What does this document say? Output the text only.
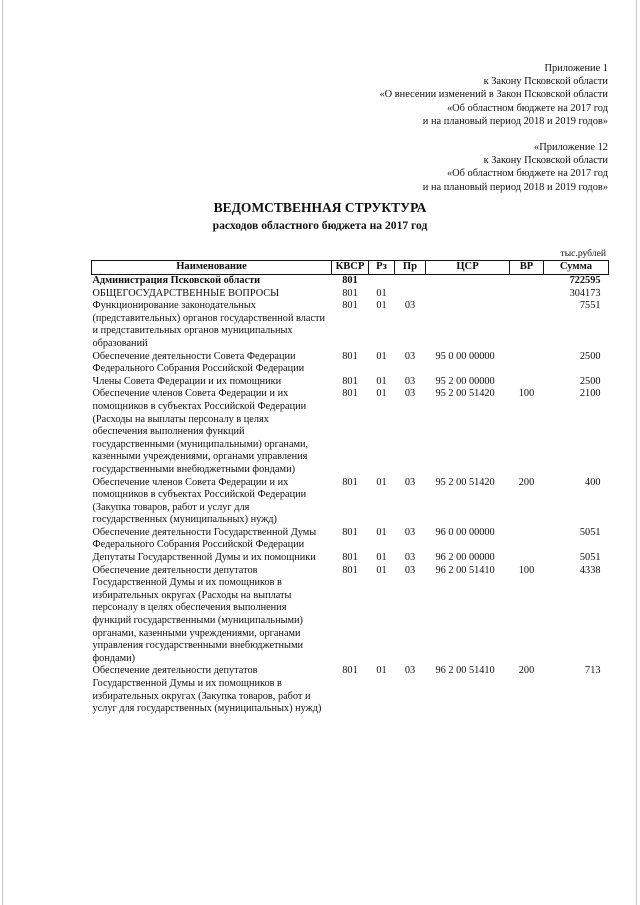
Приложение 1
к Закону Псковской области
«О внесении изменений в Закон Псковской области
«Об областном бюджете на 2017 год
и на плановый период 2018 и 2019 годов»
«Приложение 12
к Закону Псковской области
«Об областном бюджете на 2017 год
и на плановый период 2018 и 2019 годов»
ВЕДОМСТВЕННАЯ СТРУКТУРА
расходов областного бюджета на 2017 год
тыс.рублей
Наименование	КВСР	Рз	Пр	ЦСР	ВР	Сумма
Администрация Псковской области	801					722595
ОБЩЕГОСУДАРСТВЕННЫЕ ВОПРОСЫ	801	01				304173
Функционирование законодательных (представительных) органов государственной власти и представительных органов муниципальных образований	801	01	03			7551
Обеспечение деятельности Совета Федерации Федерального Собрания Российской Федерации	801	01	03	95 0 00 00000		2500
Члены Совета Федерации и их помощники	801	01	03	95 2 00 00000		2500
Обеспечение членов Совета Федерации и их помощников в субъектах Российской Федерации (Расходы на выплаты персоналу в целях обеспечения выполнения функций государственными (муниципальными) органами, казенными учреждениями, органами управления государственными внебюджетными фондами)	801	01	03	95 2 00 51420	100	2100
Обеспечение членов Совета Федерации и их помощников в субъектах Российской Федерации (Закупка товаров, работ и услуг для государственных (муниципальных) нужд)	801	01	03	95 2 00 51420	200	400
Обеспечение деятельности Государственной Думы Федерального Собрания Российской Федерации	801	01	03	96 0 00 00000		5051
Депутаты Государственной Думы и их помощники	801	01	03	96 2 00 00000		5051
Обеспечение деятельности депутатов Государственной Думы и их помощников в избирательных округах (Расходы на выплаты персоналу в целях обеспечения выполнения функций государственными (муниципальными) органами, казенными учреждениями, органами управления государственными внебюджетными фондами)	801	01	03	96 2 00 51410	100	4338
Обеспечение деятельности депутатов Государственной Думы и их помощников в избирательных округах (Закупка товаров, работ и услуг для государственных (муниципальных) нужд)	801	01	03	96 2 00 51410	200	713
